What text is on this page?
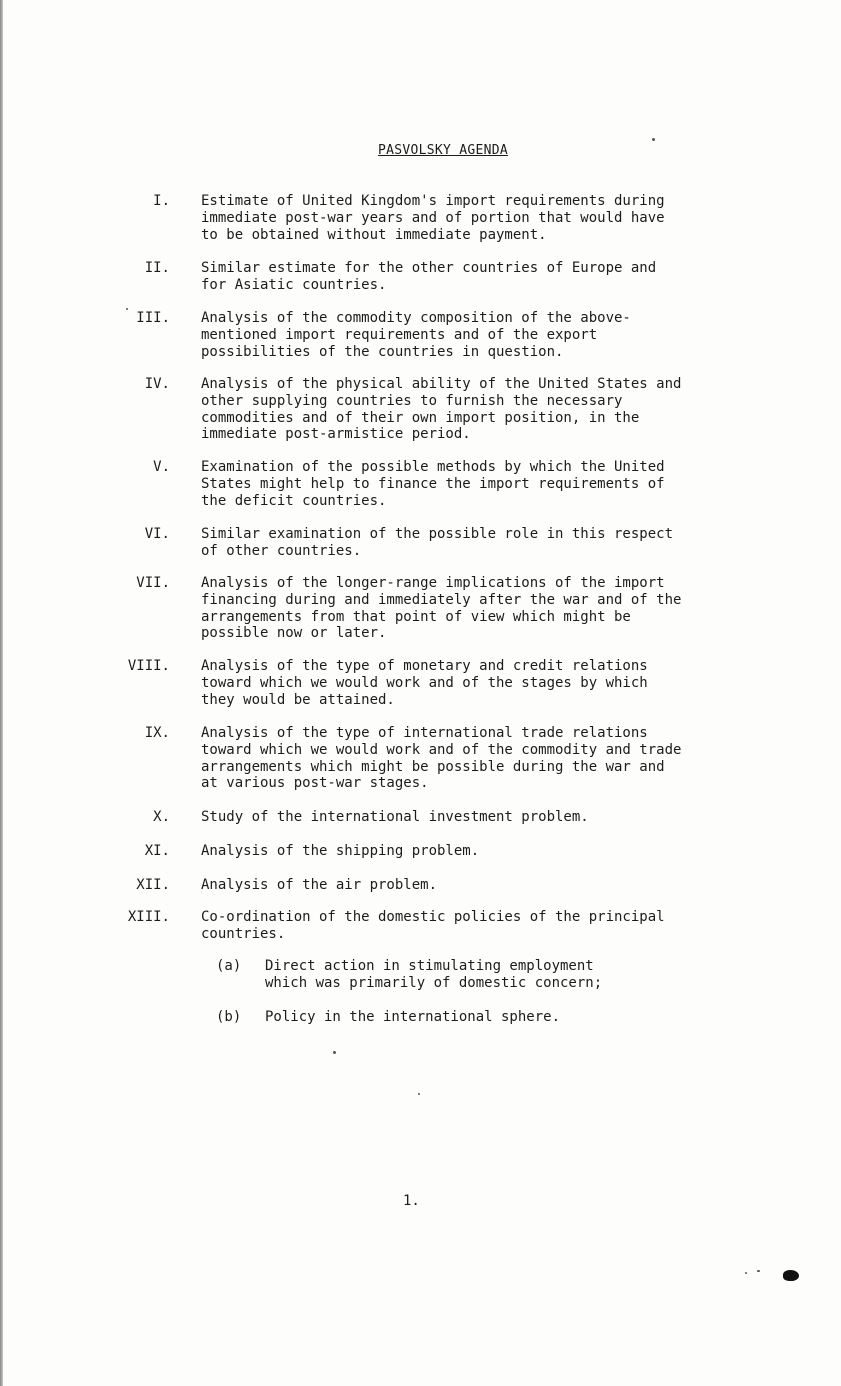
PASVOLSKY AGENDA
I. Estimate of United Kingdom's import requirements during
immediate post-war years and of portion that would have
to be obtained without immediate payment.
II. Similar estimate for the other countries of Europe and
for Asiatic countries.
III. Analysis of the commodity composition of the above-
mentioned import requirements and of the export
possibilities of the countries in question.
IV. Analysis of the physical ability of the United States and
other supplying countries to furnish the necessary
commodities and of their own import position, in the
immediate post-armistice period.
V. Examination of the possible methods by which the United
States might help to finance the import requirements of
the deficit countries.
VI. Similar examination of the possible role in this respect
of other countries.
VII. Analysis of the longer-range implications of the import
financing during and immediately after the war and of the
arrangements from that point of view which might be
possible now or later.
VIII. Analysis of the type of monetary and credit relations
toward which we would work and of the stages by which
they would be attained.
IX. Analysis of the type of international trade relations
toward which we would work and of the commodity and trade
arrangements which might be possible during the war and
at various post-war stages.
X. Study of the international investment problem.
XI. Analysis of the shipping problem.
XII. Analysis of the air problem.
XIII. Co-ordination of the domestic policies of the principal
countries.
(a) Direct action in stimulating employment
which was primarily of domestic concern;
(b) Policy in the international sphere.
1.
